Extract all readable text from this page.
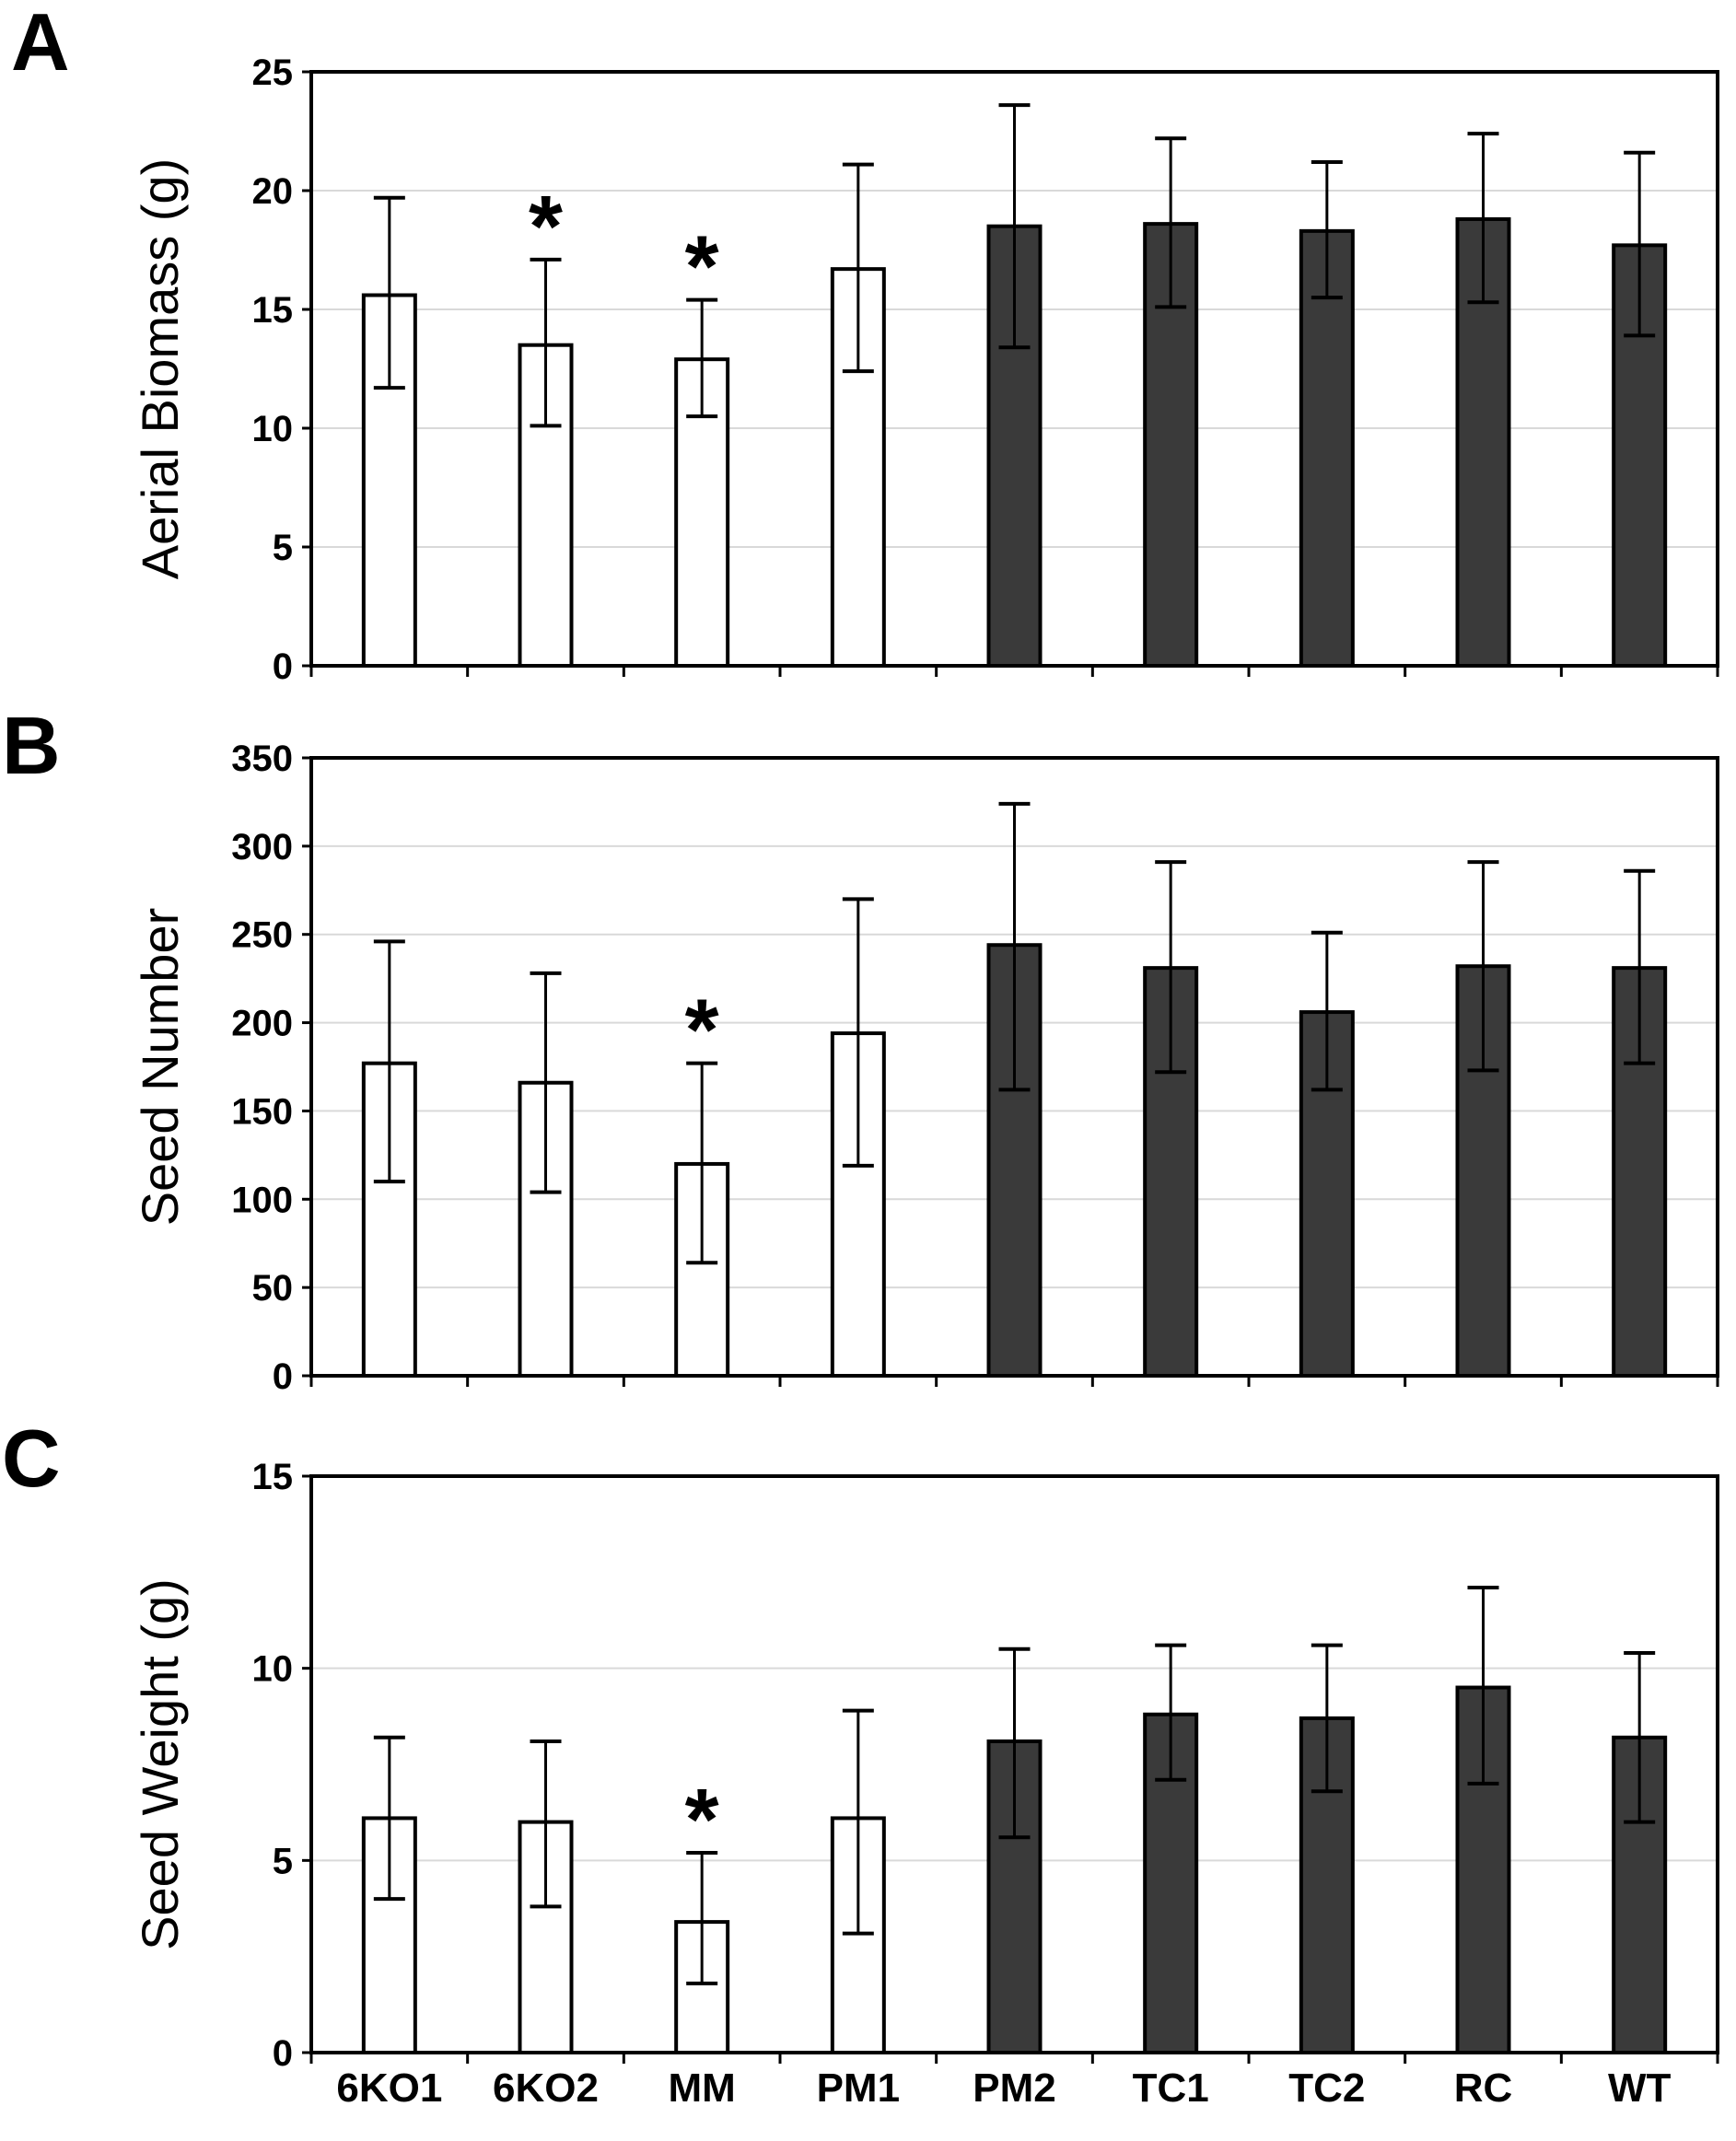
0
5
10
15
20
25
* *
Aerial Biomass (g)
0
50
100
150
200
250
300
350
*
Seed Number
0
5
10
15
6KO1 6KO2
*
MM PM1 PM2 TC1 TC2 RC WT
Seed Weight (g)
A
B
C
